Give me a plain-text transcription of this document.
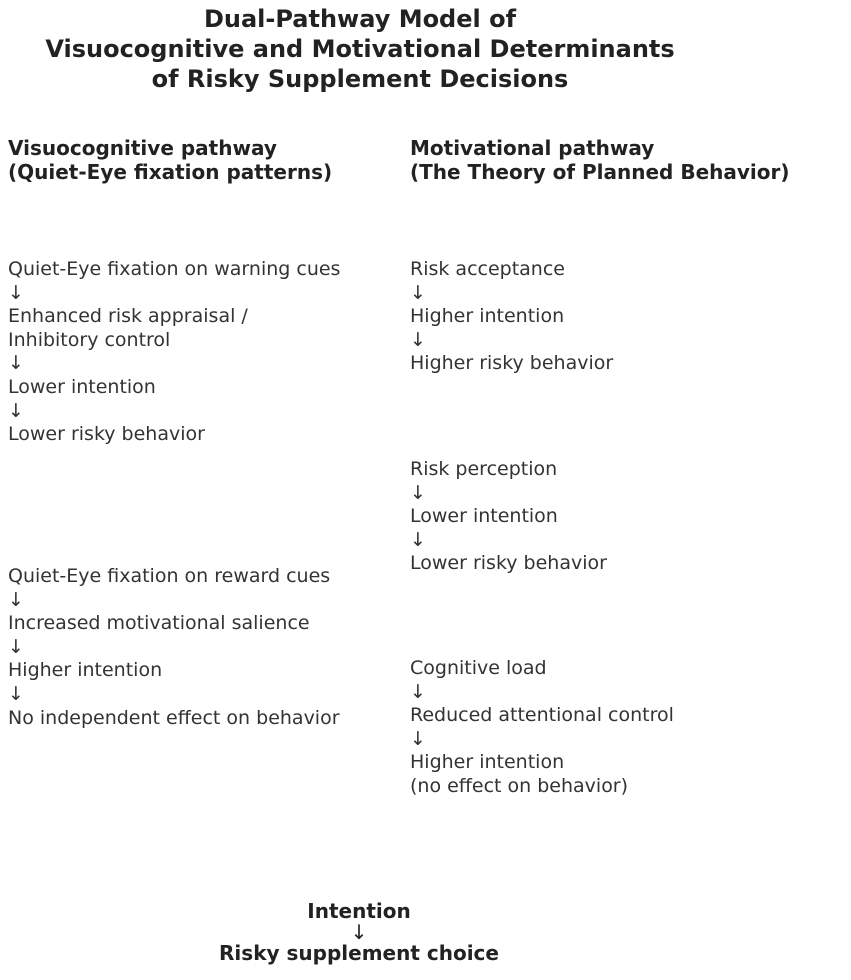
Dual-Pathway Model of
Visuocognitive and Motivational Determinants
of Risky Supplement Decisions
Visuocognitive pathway
(Quiet-Eye fixation patterns)
Motivational pathway
(The Theory of Planned Behavior)
Quiet-Eye fixation on warning cues
↓
Enhanced risk appraisal /
Inhibitory control
↓
Lower intention
↓
Lower risky behavior
Quiet-Eye fixation on reward cues
↓
Increased motivational salience
↓
Higher intention
↓
No independent effect on behavior
Risk acceptance
↓
Higher intention
↓
Higher risky behavior
Risk perception
↓
Lower intention
↓
Lower risky behavior
Cognitive load
↓
Reduced attentional control
↓
Higher intention
(no effect on behavior)
Intention
↓
Risky supplement choice
